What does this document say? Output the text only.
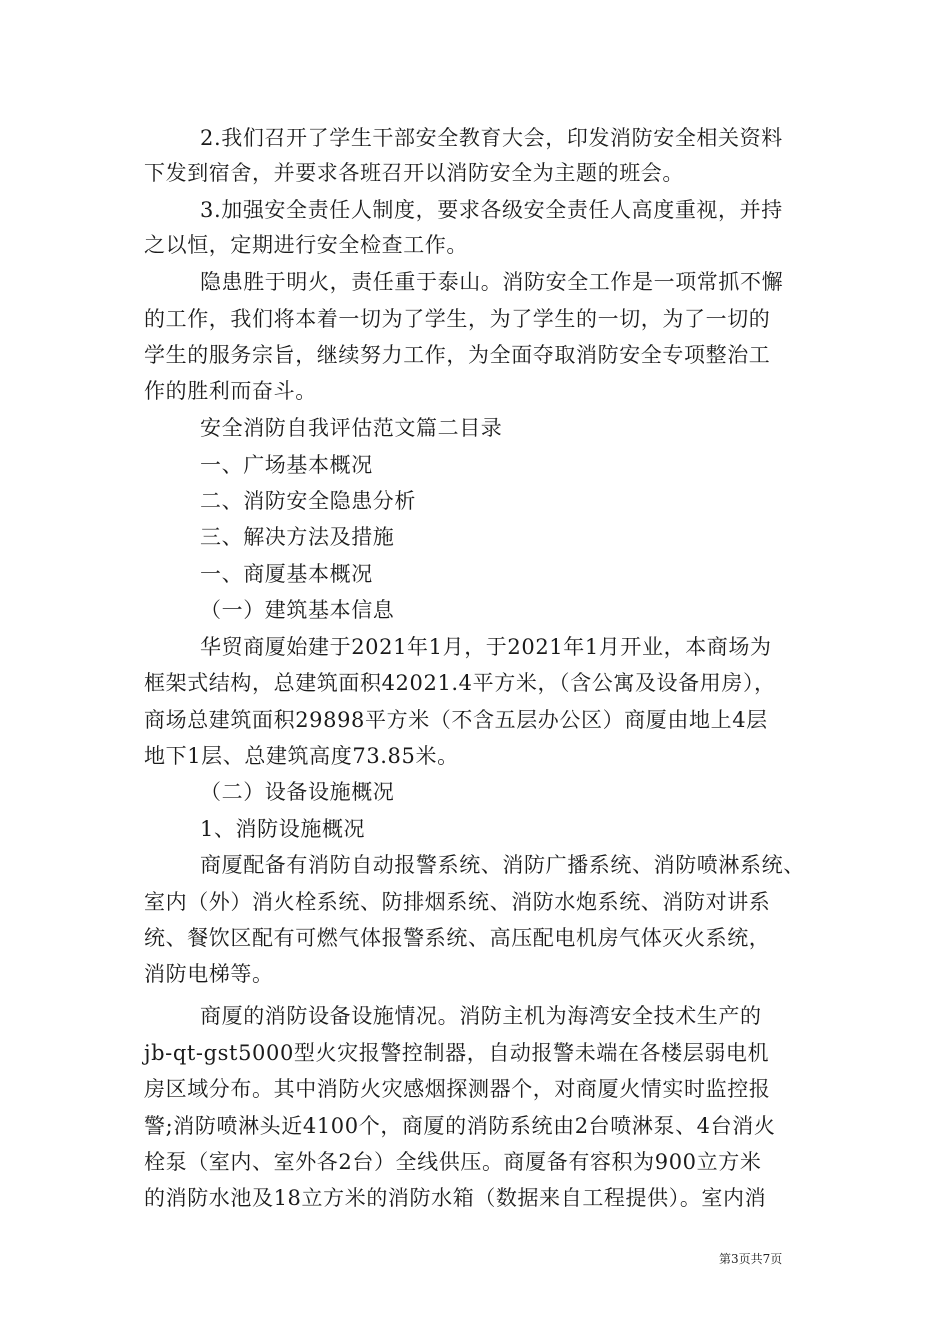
2.我们召开了学生干部安全教育大会，印发消防安全相关资料
下发到宿舍，并要求各班召开以消防安全为主题的班会。
3.加强安全责任人制度，要求各级安全责任人高度重视，并持
之以恒，定期进行安全检查工作。
隐患胜于明火，责任重于泰山。消防安全工作是一项常抓不懈
的工作，我们将本着一切为了学生，为了学生的一切，为了一切的
学生的服务宗旨，继续努力工作，为全面夺取消防安全专项整治工
作的胜利而奋斗。
安全消防自我评估范文篇二目录
一、广场基本概况
二、消防安全隐患分析
三、解决方法及措施
一、商厦基本概况
（一）建筑基本信息
华贸商厦始建于2021年1月，于2021年1月开业，本商场为
框架式结构，总建筑面积42021.4平方米，（含公寓及设备用房），
商场总建筑面积29898平方米（不含五层办公区）商厦由地上4层
地下1层、总建筑高度73.85米。
（二）设备设施概况
1、消防设施概况
商厦配备有消防自动报警系统、消防广播系统、消防喷淋系统、
室内（外）消火栓系统、防排烟系统、消防水炮系统、消防对讲系
统、餐饮区配有可燃气体报警系统、高压配电机房气体灭火系统，
消防电梯等。
商厦的消防设备设施情况。消防主机为海湾安全技术生产的
jb-qt-gst5000型火灾报警控制器，自动报警未端在各楼层弱电机
房区域分布。其中消防火灾感烟探测器个，对商厦火情实时监控报
警;消防喷淋头近4100个，商厦的消防系统由2台喷淋泵、4台消火
栓泵（室内、室外各2台）全线供压。商厦备有容积为900立方米
的消防水池及18立方米的消防水箱（数据来自工程提供）。室内消
第3页共7页
